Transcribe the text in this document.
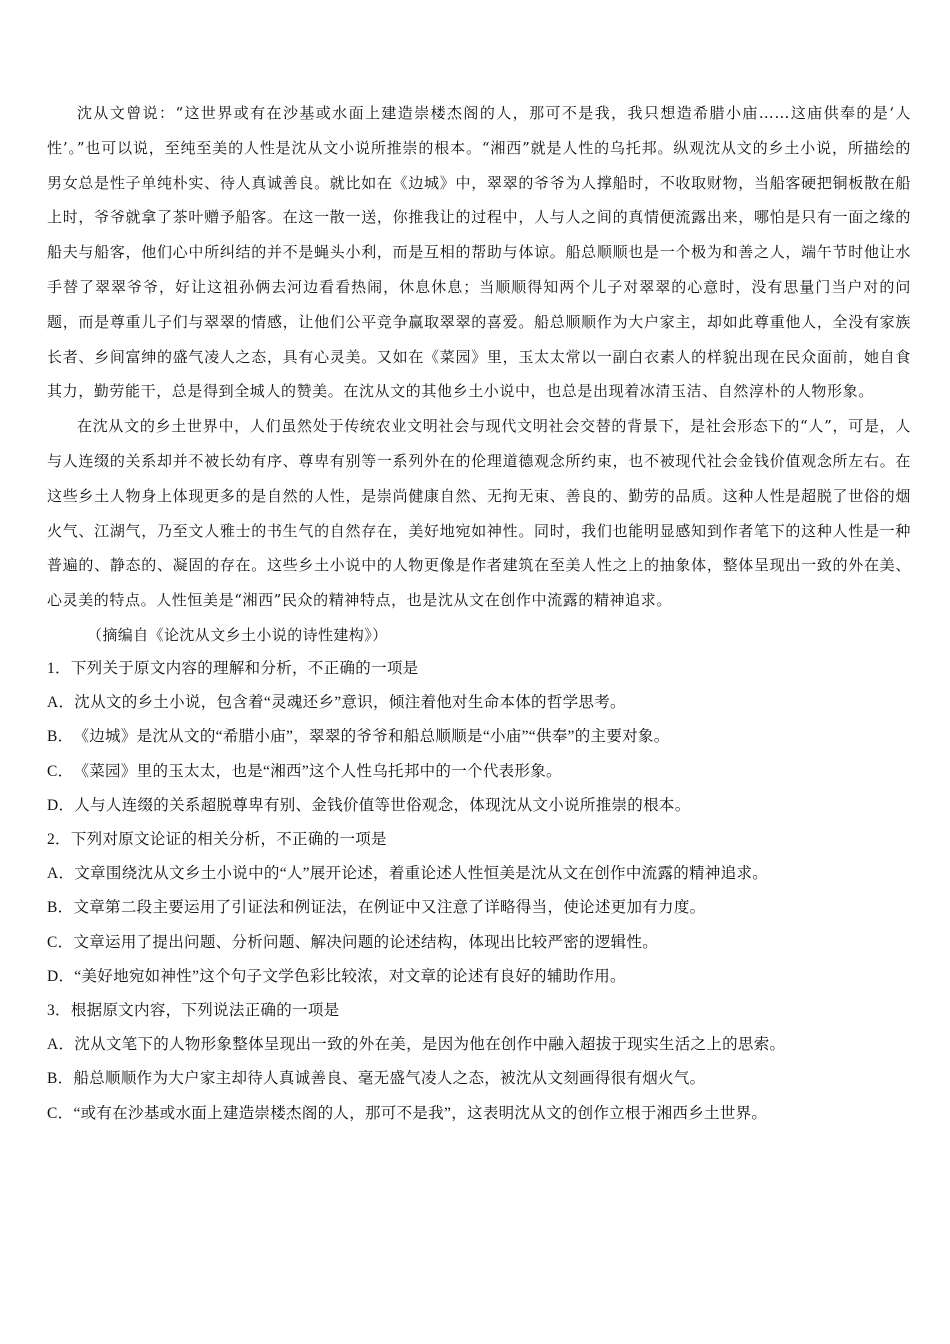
沈从文曾说：“这世界或有在沙基或水面上建造崇楼杰阁的人，那可不是我，我只想造希腊小庙……这庙供奉的是‘人性’。”也可以说，至纯至美的人性是沈从文小说所推崇的根本。“湘西”就是人性的乌托邦。纵观沈从文的乡土小说，所描绘的男女总是性子单纯朴实、待人真诚善良。就比如在《边城》中，翠翠的爷爷为人撑船时，不收取财物，当船客硬把铜板散在船上时，爷爷就拿了茶叶赠予船客。在这一散一送，你推我让的过程中，人与人之间的真情便流露出来，哪怕是只有一面之缘的船夫与船客，他们心中所纠结的并不是蝇头小利，而是互相的帮助与体谅。船总顺顺也是一个极为和善之人，端午节时他让水手替了翠翠爷爷，好让这祖孙俩去河边看看热闹，休息休息；当顺顺得知两个儿子对翠翠的心意时，没有思量门当户对的问题，而是尊重儿子们与翠翠的情感，让他们公平竞争赢取翠翠的喜爱。船总顺顺作为大户家主，却如此尊重他人，全没有家族长者、乡间富绅的盛气凌人之态，具有心灵美。又如在《菜园》里，玉太太常以一副白衣素人的样貌出现在民众面前，她自食其力，勤劳能干，总是得到全城人的赞美。在沈从文的其他乡土小说中，也总是出现着冰清玉洁、自然淳朴的人物形象。

在沈从文的乡土世界中，人们虽然处于传统农业文明社会与现代文明社会交替的背景下，是社会形态下的“人”，可是，人与人连缀的关系却并不被长幼有序、尊卑有别等一系列外在的伦理道德观念所约束，也不被现代社会金钱价值观念所左右。在这些乡土人物身上体现更多的是自然的人性，是崇尚健康自然、无拘无束、善良的、勤劳的品质。这种人性是超脱了世俗的烟火气、江湖气，乃至文人雅士的书生气的自然存在，美好地宛如神性。同时，我们也能明显感知到作者笔下的这种人性是一种普遍的、静态的、凝固的存在。这些乡土小说中的人物更像是作者建筑在至美人性之上的抽象体，整体呈现出一致的外在美、心灵美的特点。人性恒美是“湘西”民众的精神特点，也是沈从文在创作中流露的精神追求。

（摘编自《论沈从文乡土小说的诗性建构》）

1．下列关于原文内容的理解和分析，不正确的一项是

A．沈从文的乡土小说，包含着“灵魂还乡”意识，倾注着他对生命本体的哲学思考。

B．《边城》是沈从文的“希腊小庙”，翠翠的爷爷和船总顺顺是“小庙”“供奉”的主要对象。

C．《菜园》里的玉太太，也是“湘西”这个人性乌托邦中的一个代表形象。

D．人与人连缀的关系超脱尊卑有别、金钱价值等世俗观念，体现沈从文小说所推崇的根本。

2．下列对原文论证的相关分析，不正确的一项是

A．文章围绕沈从文乡土小说中的“人”展开论述，着重论述人性恒美是沈从文在创作中流露的精神追求。

B．文章第二段主要运用了引证法和例证法，在例证中又注意了详略得当，使论述更加有力度。

C．文章运用了提出问题、分析问题、解决问题的论述结构，体现出比较严密的逻辑性。

D．“美好地宛如神性”这个句子文学色彩比较浓，对文章的论述有良好的辅助作用。

3．根据原文内容，下列说法正确的一项是

A．沈从文笔下的人物形象整体呈现出一致的外在美，是因为他在创作中融入超拔于现实生活之上的思索。

B．船总顺顺作为大户家主却待人真诚善良、毫无盛气凌人之态，被沈从文刻画得很有烟火气。

C．“或有在沙基或水面上建造崇楼杰阁的人，那可不是我”，这表明沈从文的创作立根于湘西乡土世界。
